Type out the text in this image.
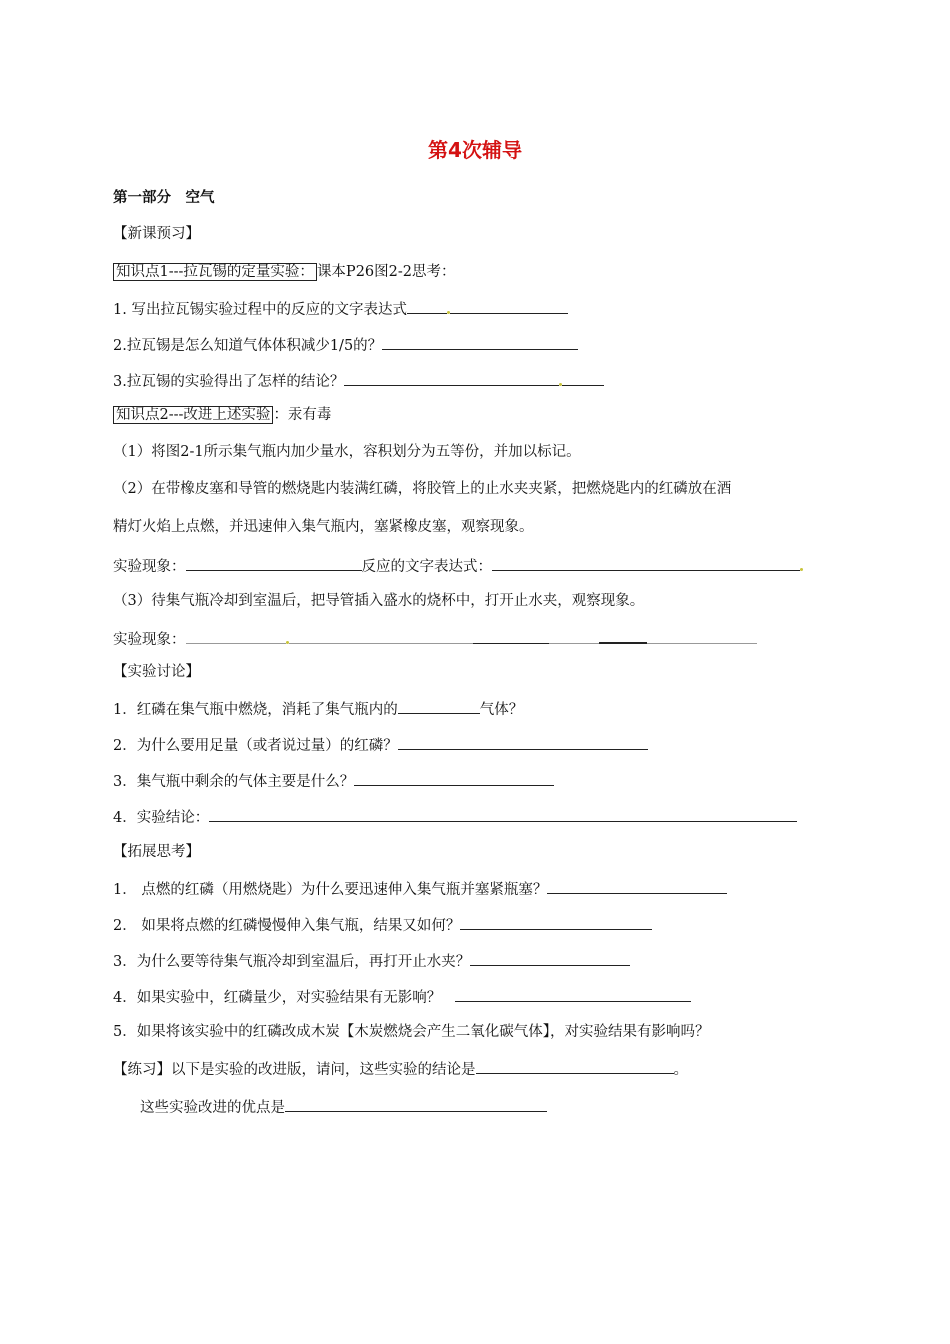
第4次辅导
第一部分　空气
【新课预习】
知识点1---拉瓦锡的定量实验： 课本P26图2-2思考：
1. 写出拉瓦锡实验过程中的反应的文字表达式
2.拉瓦锡是怎么知道气体体积减少1/5的？
3.拉瓦锡的实验得出了怎样的结论？
知识点2---改进上述实验 ：汞有毒
（1）将图2-1所示集气瓶内加少量水，容积划分为五等份，并加以标记。
（2）在带橡皮塞和导管的燃烧匙内装满红磷，将胶管上的止水夹夹紧，把燃烧匙内的红磷放在酒
精灯火焰上点燃，并迅速伸入集气瓶内，塞紧橡皮塞，观察现象。
实验现象：	反应的文字表达式：
（3）待集气瓶冷却到室温后，把导管插入盛水的烧杯中，打开止水夹，观察现象。
实验现象：
【实验讨论】
1．红磷在集气瓶中燃烧，消耗了集气瓶内的	气体？
2．为什么要用足量（或者说过量）的红磷？
3．集气瓶中剩余的气体主要是什么？
4．实验结论：
【拓展思考】
1． 点燃的红磷（用燃烧匙）为什么要迅速伸入集气瓶并塞紧瓶塞？
2． 如果将点燃的红磷慢慢伸入集气瓶，结果又如何？
3．为什么要等待集气瓶冷却到室温后，再打开止水夹？
4．如果实验中，红磷量少，对实验结果有无影响？
5．如果将该实验中的红磷改成木炭【木炭燃烧会产生二氧化碳气体】，对实验结果有影响吗？
【练习】以下是实验的改进版，请问，这些实验的结论是	。
这些实验改进的优点是
